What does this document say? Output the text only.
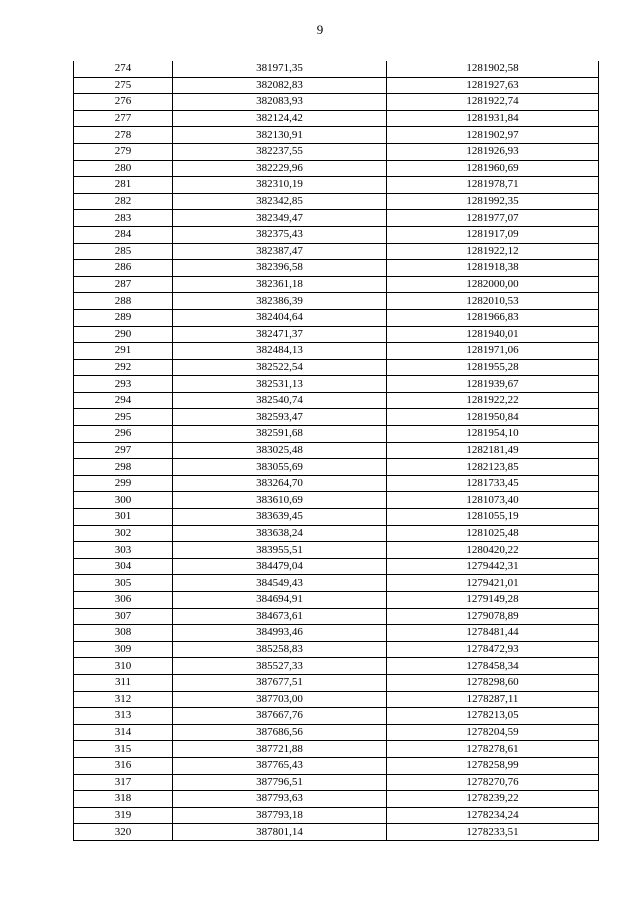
9
274	381971,35	1281902,58
275	382082,83	1281927,63
276	382083,93	1281922,74
277	382124,42	1281931,84
278	382130,91	1281902,97
279	382237,55	1281926,93
280	382229,96	1281960,69
281	382310,19	1281978,71
282	382342,85	1281992,35
283	382349,47	1281977,07
284	382375,43	1281917,09
285	382387,47	1281922,12
286	382396,58	1281918,38
287	382361,18	1282000,00
288	382386,39	1282010,53
289	382404,64	1281966,83
290	382471,37	1281940,01
291	382484,13	1281971,06
292	382522,54	1281955,28
293	382531,13	1281939,67
294	382540,74	1281922,22
295	382593,47	1281950,84
296	382591,68	1281954,10
297	383025,48	1282181,49
298	383055,69	1282123,85
299	383264,70	1281733,45
300	383610,69	1281073,40
301	383639,45	1281055,19
302	383638,24	1281025,48
303	383955,51	1280420,22
304	384479,04	1279442,31
305	384549,43	1279421,01
306	384694,91	1279149,28
307	384673,61	1279078,89
308	384993,46	1278481,44
309	385258,83	1278472,93
310	385527,33	1278458,34
311	387677,51	1278298,60
312	387703,00	1278287,11
313	387667,76	1278213,05
314	387686,56	1278204,59
315	387721,88	1278278,61
316	387765,43	1278258,99
317	387796,51	1278270,76
318	387793,63	1278239,22
319	387793,18	1278234,24
320	387801,14	1278233,51
